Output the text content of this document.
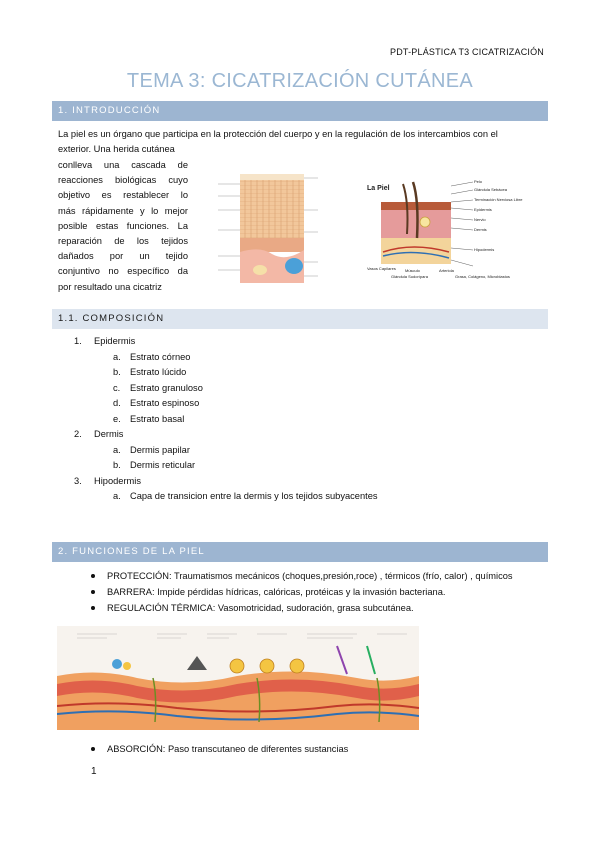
PDT-PLÁSTICA T3 CICATRIZACIÓN
TEMA 3: CICATRIZACIÓN CUTÁNEA
1. INTRODUCCIÓN
La piel es un órgano que participa en la protección del cuerpo y en la regulación de los intercambios con el
exterior. Una herida cutánea
conlleva una cascada de
reacciones biológicas cuyo
objetivo es restablecer lo
más rápidamente y lo mejor
posible estas funciones. La
reparación de los tejidos
dañados por un tejido
conjuntivo no específico da
por resultado una cicatriz
La Piel
Pelo
Glándula Sebácea
Terminación Nerviosa Libre
Epidermis
Nervio
Dermis
Hipodermis
Arteriola
Grasa, Colágeno, Microblastos
Vasos Capilares Músculo
Glándula Sudorípara
1.1. COMPOSICIÓN
1. Epidermis
a. Estrato córneo
b. Estrato lúcido
c. Estrato granuloso
d. Estrato espinoso
e. Estrato basal
2. Dermis
a. Dermis papilar
b. Dermis reticular
3. Hipodermis
a. Capa de transicion entre la dermis y los tejidos subyacentes
2. FUNCIONES DE LA PIEL
PROTECCIÓN: Traumatismos mecánicos (choques,presión,roce) , térmicos (frío, calor) , químicos
BARRERA: Impide pérdidas hídricas, calóricas, protéicas y la invasión bacteriana.
REGULACIÓN TÉRMICA: Vasomotricidad, sudoración, grasa subcutánea.
ABSORCIÓN: Paso transcutaneo de diferentes sustancias
1
